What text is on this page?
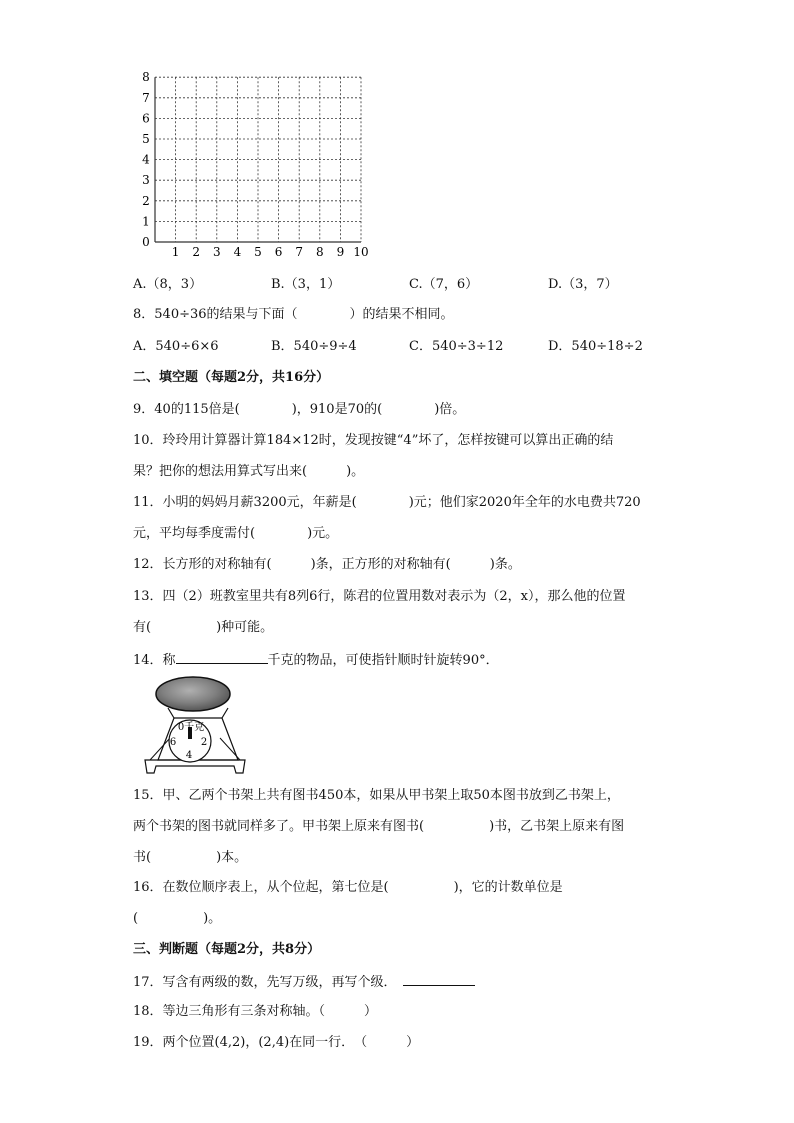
8
7
6
5
4
3
2
1
0
1 2 3 4 5 6 7 8 9 10
A.（8，3）	B.（3，1）	C.（7，6）	D.（3，7）
8．540÷36的结果与下面（　　　　）的结果不相同。
A．540÷6×6	B．540÷9÷4	C．540÷3÷12	D．540÷18÷2
二、填空题（每题2分，共16分）
9．40的115倍是(　　　　)，910是70的(　　　　)倍。
10．玲玲用计算器计算184×12时，发现按键“4”坏了，怎样按键可以算出正确的结
果？把你的想法用算式写出来(　　　)。
11．小明的妈妈月薪3200元，年薪是(　　　　)元；他们家2020年全年的水电费共720
元，平均每季度需付(　　　　)元。
12．长方形的对称轴有(　　　)条，正方形的对称轴有(　　　)条。
13．四（2）班教室里共有8列6行，陈君的位置用数对表示为（2，x），那么他的位置
有(　　　　　)种可能。
14．称	千克的物品，可使指针顺时针旋转90°．
0千克
6 2
4
15．甲、乙两个书架上共有图书450本，如果从甲书架上取50本图书放到乙书架上，
两个书架的图书就同样多了。甲书架上原来有图书(　　　　　)书，乙书架上原来有图
书(　　　　　)本。
16．在数位顺序表上，从个位起，第七位是(　　　　　)，它的计数单位是
(　　　　　)。
三、判断题（每题2分，共8分）
17．写含有两级的数，先写万级，再写个级．
18．等边三角形有三条对称轴。（　　　）
19．两个位置(4,2)，(2,4)在同一行．　（　　　）
